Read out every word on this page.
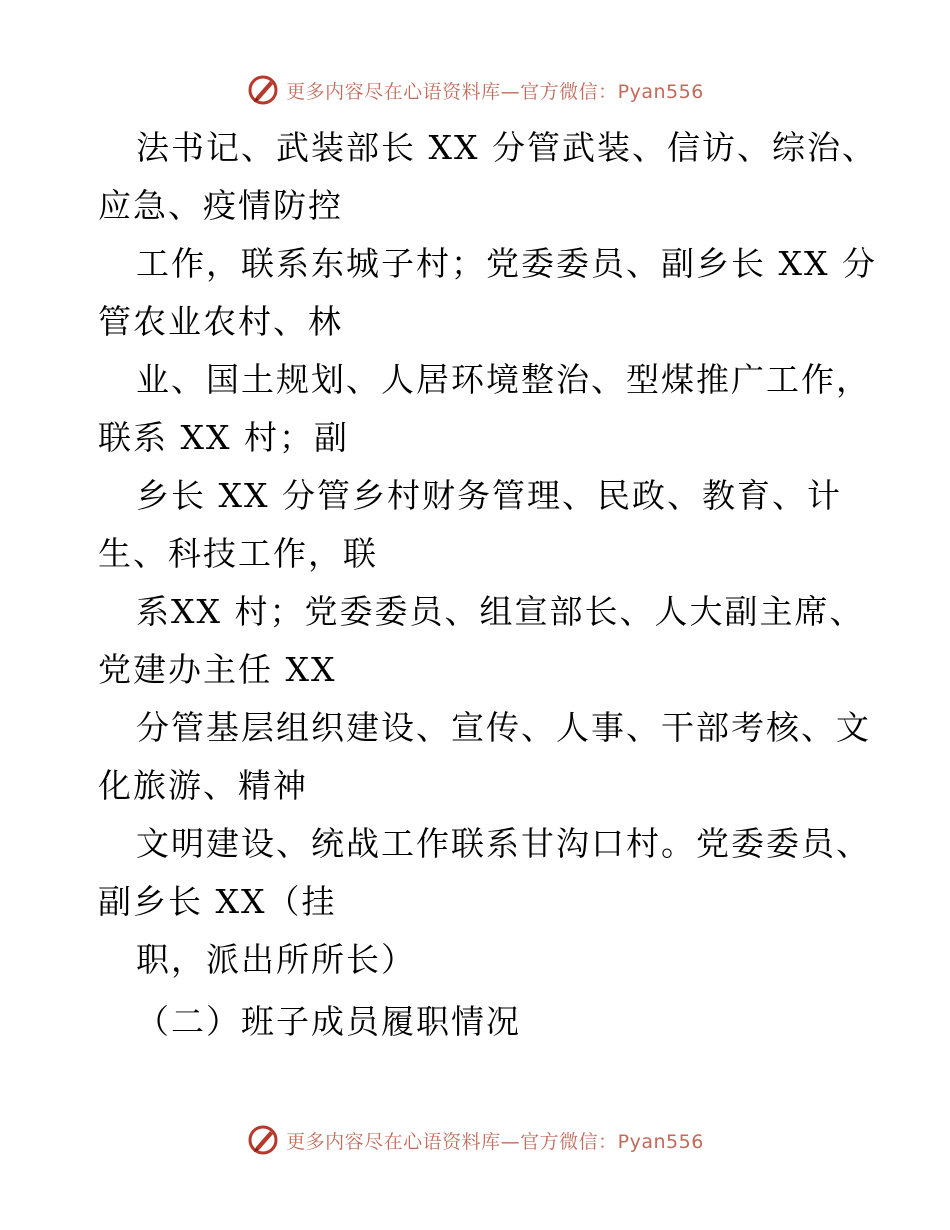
更多内容尽在心语资料库—官方微信：Pyan556
法书记、武装部长 XX 分管武装、信访、综治、
应急、疫情防控
工作，联系东城子村；党委委员、副乡长 XX 分
管农业农村、林
业、国土规划、人居环境整治、型煤推广工作，
联系 XX 村；副
乡长 XX 分管乡村财务管理、民政、教育、计
生、科技工作，联
系XX 村；党委委员、组宣部长、人大副主席、
党建办主任 XX
分管基层组织建设、宣传、人事、干部考核、文
化旅游、精神
文明建设、统战工作联系甘沟口村。党委委员、
副乡长 XX（挂
职，派出所所长）
（二）班子成员履职情况
更多内容尽在心语资料库—官方微信：Pyan556
